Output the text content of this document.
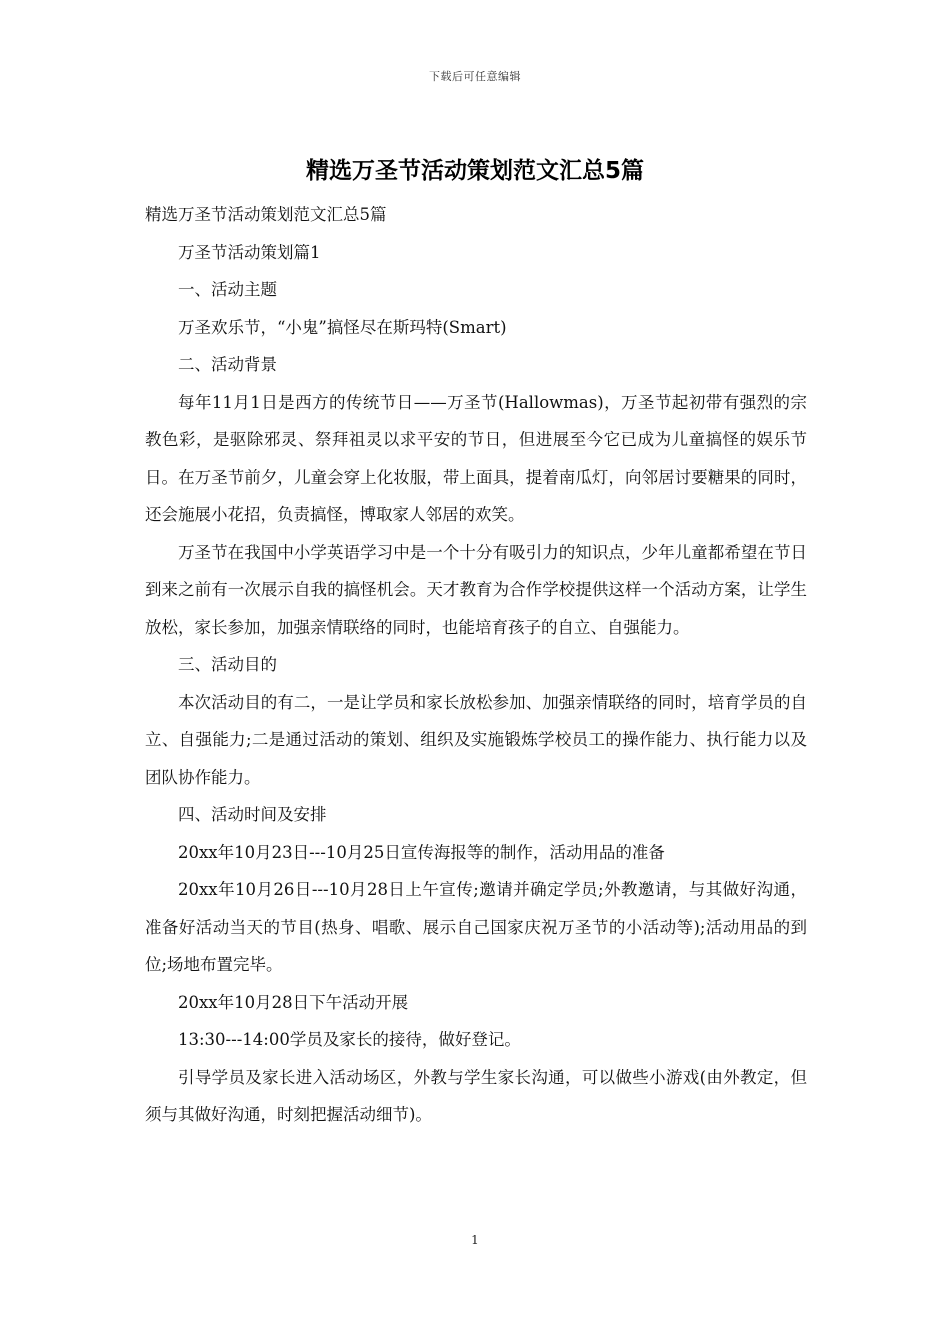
下载后可任意编辑
精选万圣节活动策划范文汇总5篇

精选万圣节活动策划范文汇总5篇

万圣节活动策划篇1

一、活动主题

万圣欢乐节，“小鬼”搞怪尽在斯玛特(Smart)

二、活动背景

每年11月1日是西方的传统节日——万圣节(Hallowmas)，万圣节起初带有强烈的宗教色彩，是驱除邪灵、祭拜祖灵以求平安的节日，但进展至今它已成为儿童搞怪的娱乐节日。在万圣节前夕，儿童会穿上化妆服，带上面具，提着南瓜灯，向邻居讨要糖果的同时，还会施展小花招，负责搞怪，博取家人邻居的欢笑。

万圣节在我国中小学英语学习中是一个十分有吸引力的知识点，少年儿童都希望在节日到来之前有一次展示自我的搞怪机会。天才教育为合作学校提供这样一个活动方案，让学生放松，家长参加，加强亲情联络的同时，也能培育孩子的自立、自强能力。

三、活动目的

本次活动目的有二，一是让学员和家长放松参加、加强亲情联络的同时，培育学员的自立、自强能力;二是通过活动的策划、组织及实施锻炼学校员工的操作能力、执行能力以及团队协作能力。

四、活动时间及安排

20xx年10月23日---10月25日宣传海报等的制作，活动用品的准备

20xx年10月26日---10月28日上午宣传;邀请并确定学员;外教邀请，与其做好沟通，准备好活动当天的节目(热身、唱歌、展示自己国家庆祝万圣节的小活动等);活动用品的到位;场地布置完毕。

20xx年10月28日下午活动开展

13:30---14:00学员及家长的接待，做好登记。

引导学员及家长进入活动场区，外教与学生家长沟通，可以做些小游戏(由外教定，但须与其做好沟通，时刻把握活动细节)。

1
